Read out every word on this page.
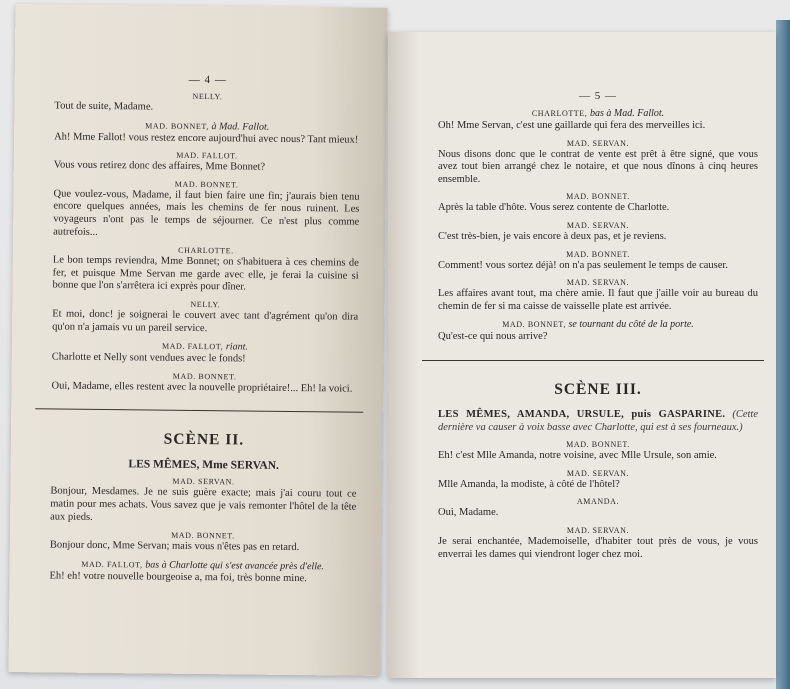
— 4 —
NELLY.

Tout de suite, Madame.

MAD. BONNET, à Mad. Fallot.

Ah! Mme Fallot! vous restez encore aujourd'hui avec nous? Tant mieux!

MAD. FALLOT.

Vous vous retirez donc des affaires, Mme Bonnet?

MAD. BONNET.

Que voulez-vous, Madame, il faut bien faire une fin; j'aurais bien tenu encore quelques années, mais les chemins de fer nous ruinent. Les voyageurs n'ont pas le temps de séjourner. Ce n'est plus comme autrefois...

CHARLOTTE.

Le bon temps reviendra, Mme Bonnet; on s'habituera à ces chemins de fer, et puisque Mme Servan me garde avec elle, je ferai la cuisine si bonne que l'on s'arrêtera ici exprès pour dîner.

NELLY.

Et moi, donc! je soignerai le couvert avec tant d'agrément qu'on dira qu'on n'a jamais vu un pareil service.

MAD. FALLOT, riant.

Charlotte et Nelly sont vendues avec le fonds!

MAD. BONNET.

Oui, Madame, elles restent avec la nouvelle propriétaire!... Eh! la voici.

SCÈNE II.
LES MÊMES, Mme SERVAN.
MAD. SERVAN.

Bonjour, Mesdames. Je ne suis guère exacte; mais j'ai couru tout ce matin pour mes achats. Vous savez que je vais remonter l'hôtel de la tête aux pieds.

MAD. BONNET.

Bonjour donc, Mme Servan; mais vous n'êtes pas en retard.

MAD. FALLOT, bas à Charlotte qui s'est avancée près d'elle.

Eh! eh! votre nouvelle bourgeoise a, ma foi, très bonne mine.

— 5 —
CHARLOTTE, bas à Mad. Fallot.

Oh! Mme Servan, c'est une gaillarde qui fera des merveilles ici.

MAD. SERVAN.

Nous disons donc que le contrat de vente est prêt à être signé, que vous avez tout bien arrangé chez le notaire, et que nous dînons à cinq heures ensemble.

MAD. BONNET.

Après la table d'hôte. Vous serez contente de Charlotte.

MAD. SERVAN.

C'est très-bien, je vais encore à deux pas, et je reviens.

MAD. BONNET.

Comment! vous sortez déjà! on n'a pas seulement le temps de causer.

MAD. SERVAN.

Les affaires avant tout, ma chère amie. Il faut que j'aille voir au bureau du chemin de fer si ma caisse de vaisselle plate est arrivée.

MAD. BONNET, se tournant du côté de la porte.

Qu'est-ce qui nous arrive?

SCÈNE III.
LES MÊMES, AMANDA, URSULE, puis GASPARINE. (Cette dernière va causer à voix basse avec Charlotte, qui est à ses fourneaux.)
MAD. BONNET.

Eh! c'est Mlle Amanda, notre voisine, avec Mlle Ursule, son amie.

MAD. SERVAN.

Mlle Amanda, la modiste, à côté de l'hôtel?

AMANDA.

Oui, Madame.

MAD. SERVAN.

Je serai enchantée, Mademoiselle, d'habiter tout près de vous, je vous enverrai les dames qui viendront loger chez moi.
